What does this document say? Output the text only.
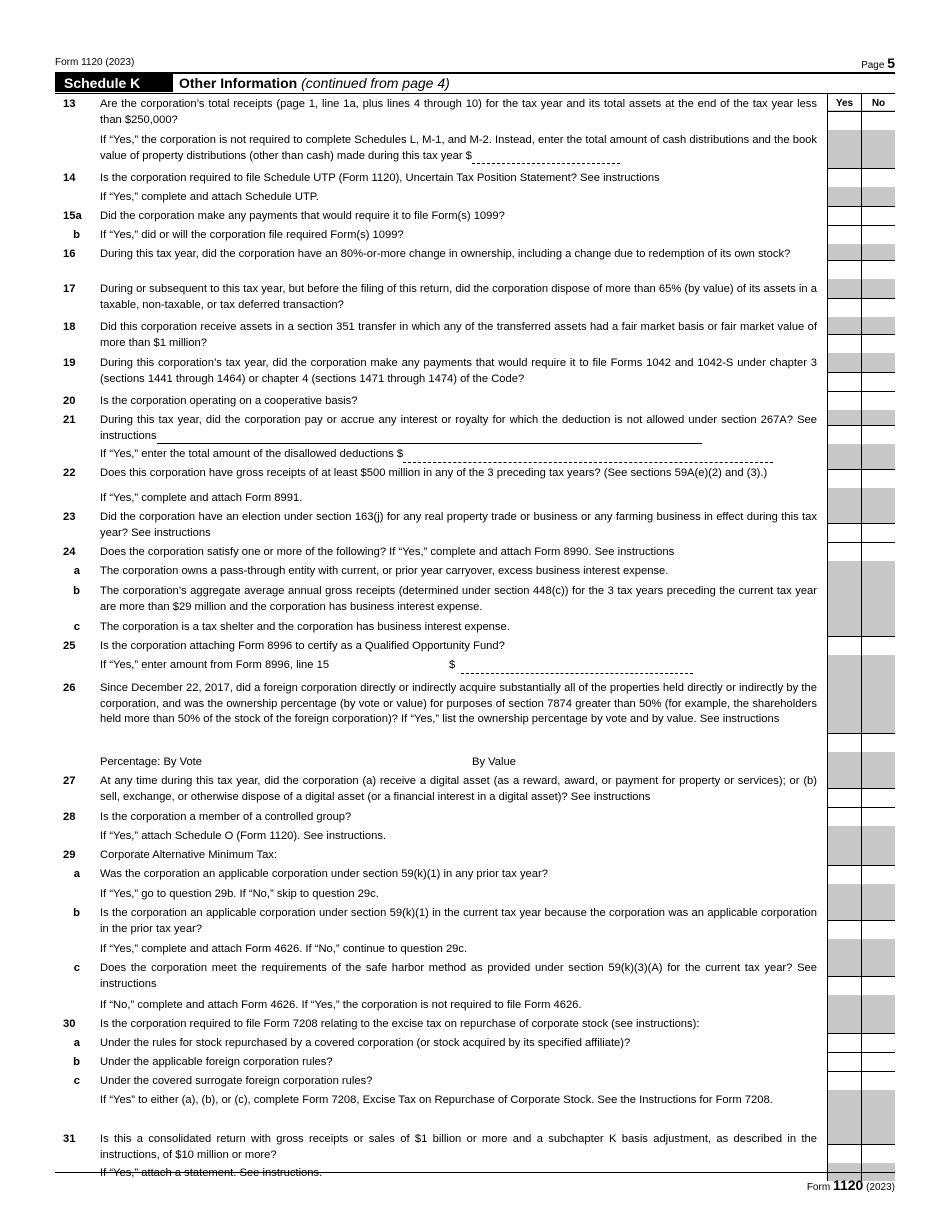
Form 1120 (2023)	Page 5
Schedule K	Other Information (continued from page 4)
13	Are the corporation’s total receipts (page 1, line 1a, plus lines 4 through 10) for the tax year and its total assets at the end of the tax year less than $250,000?
Yes	No
If “Yes,” the corporation is not required to complete Schedules L, M-1, and M-2. Instead, enter the total amount of cash distributions and the book value of property distributions (other than cash) made during this tax year $
14	Is the corporation required to file Schedule UTP (Form 1120), Uncertain Tax Position Statement? See instructions
If “Yes,” complete and attach Schedule UTP.
15a	Did the corporation make any payments that would require it to file Form(s) 1099?
b	If “Yes,” did or will the corporation file required Form(s) 1099?
16	During this tax year, did the corporation have an 80%-or-more change in ownership, including a change due to redemption of its own stock?
17	During or subsequent to this tax year, but before the filing of this return, did the corporation dispose of more than 65% (by value) of its assets in a taxable, non-taxable, or tax deferred transaction?
18	Did this corporation receive assets in a section 351 transfer in which any of the transferred assets had a fair market basis or fair market value of more than $1 million?
19	During this corporation’s tax year, did the corporation make any payments that would require it to file Forms 1042 and 1042-S under chapter 3 (sections 1441 through 1464) or chapter 4 (sections 1471 through 1474) of the Code?
20	Is the corporation operating on a cooperative basis?
21	During this tax year, did the corporation pay or accrue any interest or royalty for which the deduction is not allowed under section 267A? See instructions
If “Yes,” enter the total amount of the disallowed deductions $
22	Does this corporation have gross receipts of at least $500 million in any of the 3 preceding tax years? (See sections 59A(e)(2) and (3).)
If “Yes,” complete and attach Form 8991.
23	Did the corporation have an election under section 163(j) for any real property trade or business or any farming business in effect during this tax year? See instructions
24	Does the corporation satisfy one or more of the following? If “Yes,” complete and attach Form 8990. See instructions
a	The corporation owns a pass-through entity with current, or prior year carryover, excess business interest expense.
b	The corporation’s aggregate average annual gross receipts (determined under section 448(c)) for the 3 tax years preceding the current tax year are more than $29 million and the corporation has business interest expense.
c	The corporation is a tax shelter and the corporation has business interest expense.
25	Is the corporation attaching Form 8996 to certify as a Qualified Opportunity Fund?
If “Yes,” enter amount from Form 8996, line 15	$
26	Since December 22, 2017, did a foreign corporation directly or indirectly acquire substantially all of the properties held directly or indirectly by the corporation, and was the ownership percentage (by vote or value) for purposes of section 7874 greater than 50% (for example, the shareholders held more than 50% of the stock of the foreign corporation)? If “Yes,” list the ownership percentage by vote and by value. See instructions
Percentage: By Vote	By Value
27	At any time during this tax year, did the corporation (a) receive a digital asset (as a reward, award, or payment for property or services); or (b) sell, exchange, or otherwise dispose of a digital asset (or a financial interest in a digital asset)? See instructions
28	Is the corporation a member of a controlled group?
If “Yes,” attach Schedule O (Form 1120). See instructions.
29	Corporate Alternative Minimum Tax:
a	Was the corporation an applicable corporation under section 59(k)(1) in any prior tax year?
If “Yes,” go to question 29b. If “No,” skip to question 29c.
b	Is the corporation an applicable corporation under section 59(k)(1) in the current tax year because the corporation was an applicable corporation in the prior tax year?
If “Yes,” complete and attach Form 4626. If “No,” continue to question 29c.
c	Does the corporation meet the requirements of the safe harbor method as provided under section 59(k)(3)(A) for the current tax year? See instructions
If “No,” complete and attach Form 4626. If “Yes,” the corporation is not required to file Form 4626.
30	Is the corporation required to file Form 7208 relating to the excise tax on repurchase of corporate stock (see instructions):
a	Under the rules for stock repurchased by a covered corporation (or stock acquired by its specified affiliate)?
b	Under the applicable foreign corporation rules?
c	Under the covered surrogate foreign corporation rules?
If “Yes” to either (a), (b), or (c), complete Form 7208, Excise Tax on Repurchase of Corporate Stock. See the Instructions for Form 7208.
31	Is this a consolidated return with gross receipts or sales of $1 billion or more and a subchapter K basis adjustment, as described in the instructions, of $10 million or more?
If “Yes,” attach a statement. See instructions.
Form 1120 (2023)
